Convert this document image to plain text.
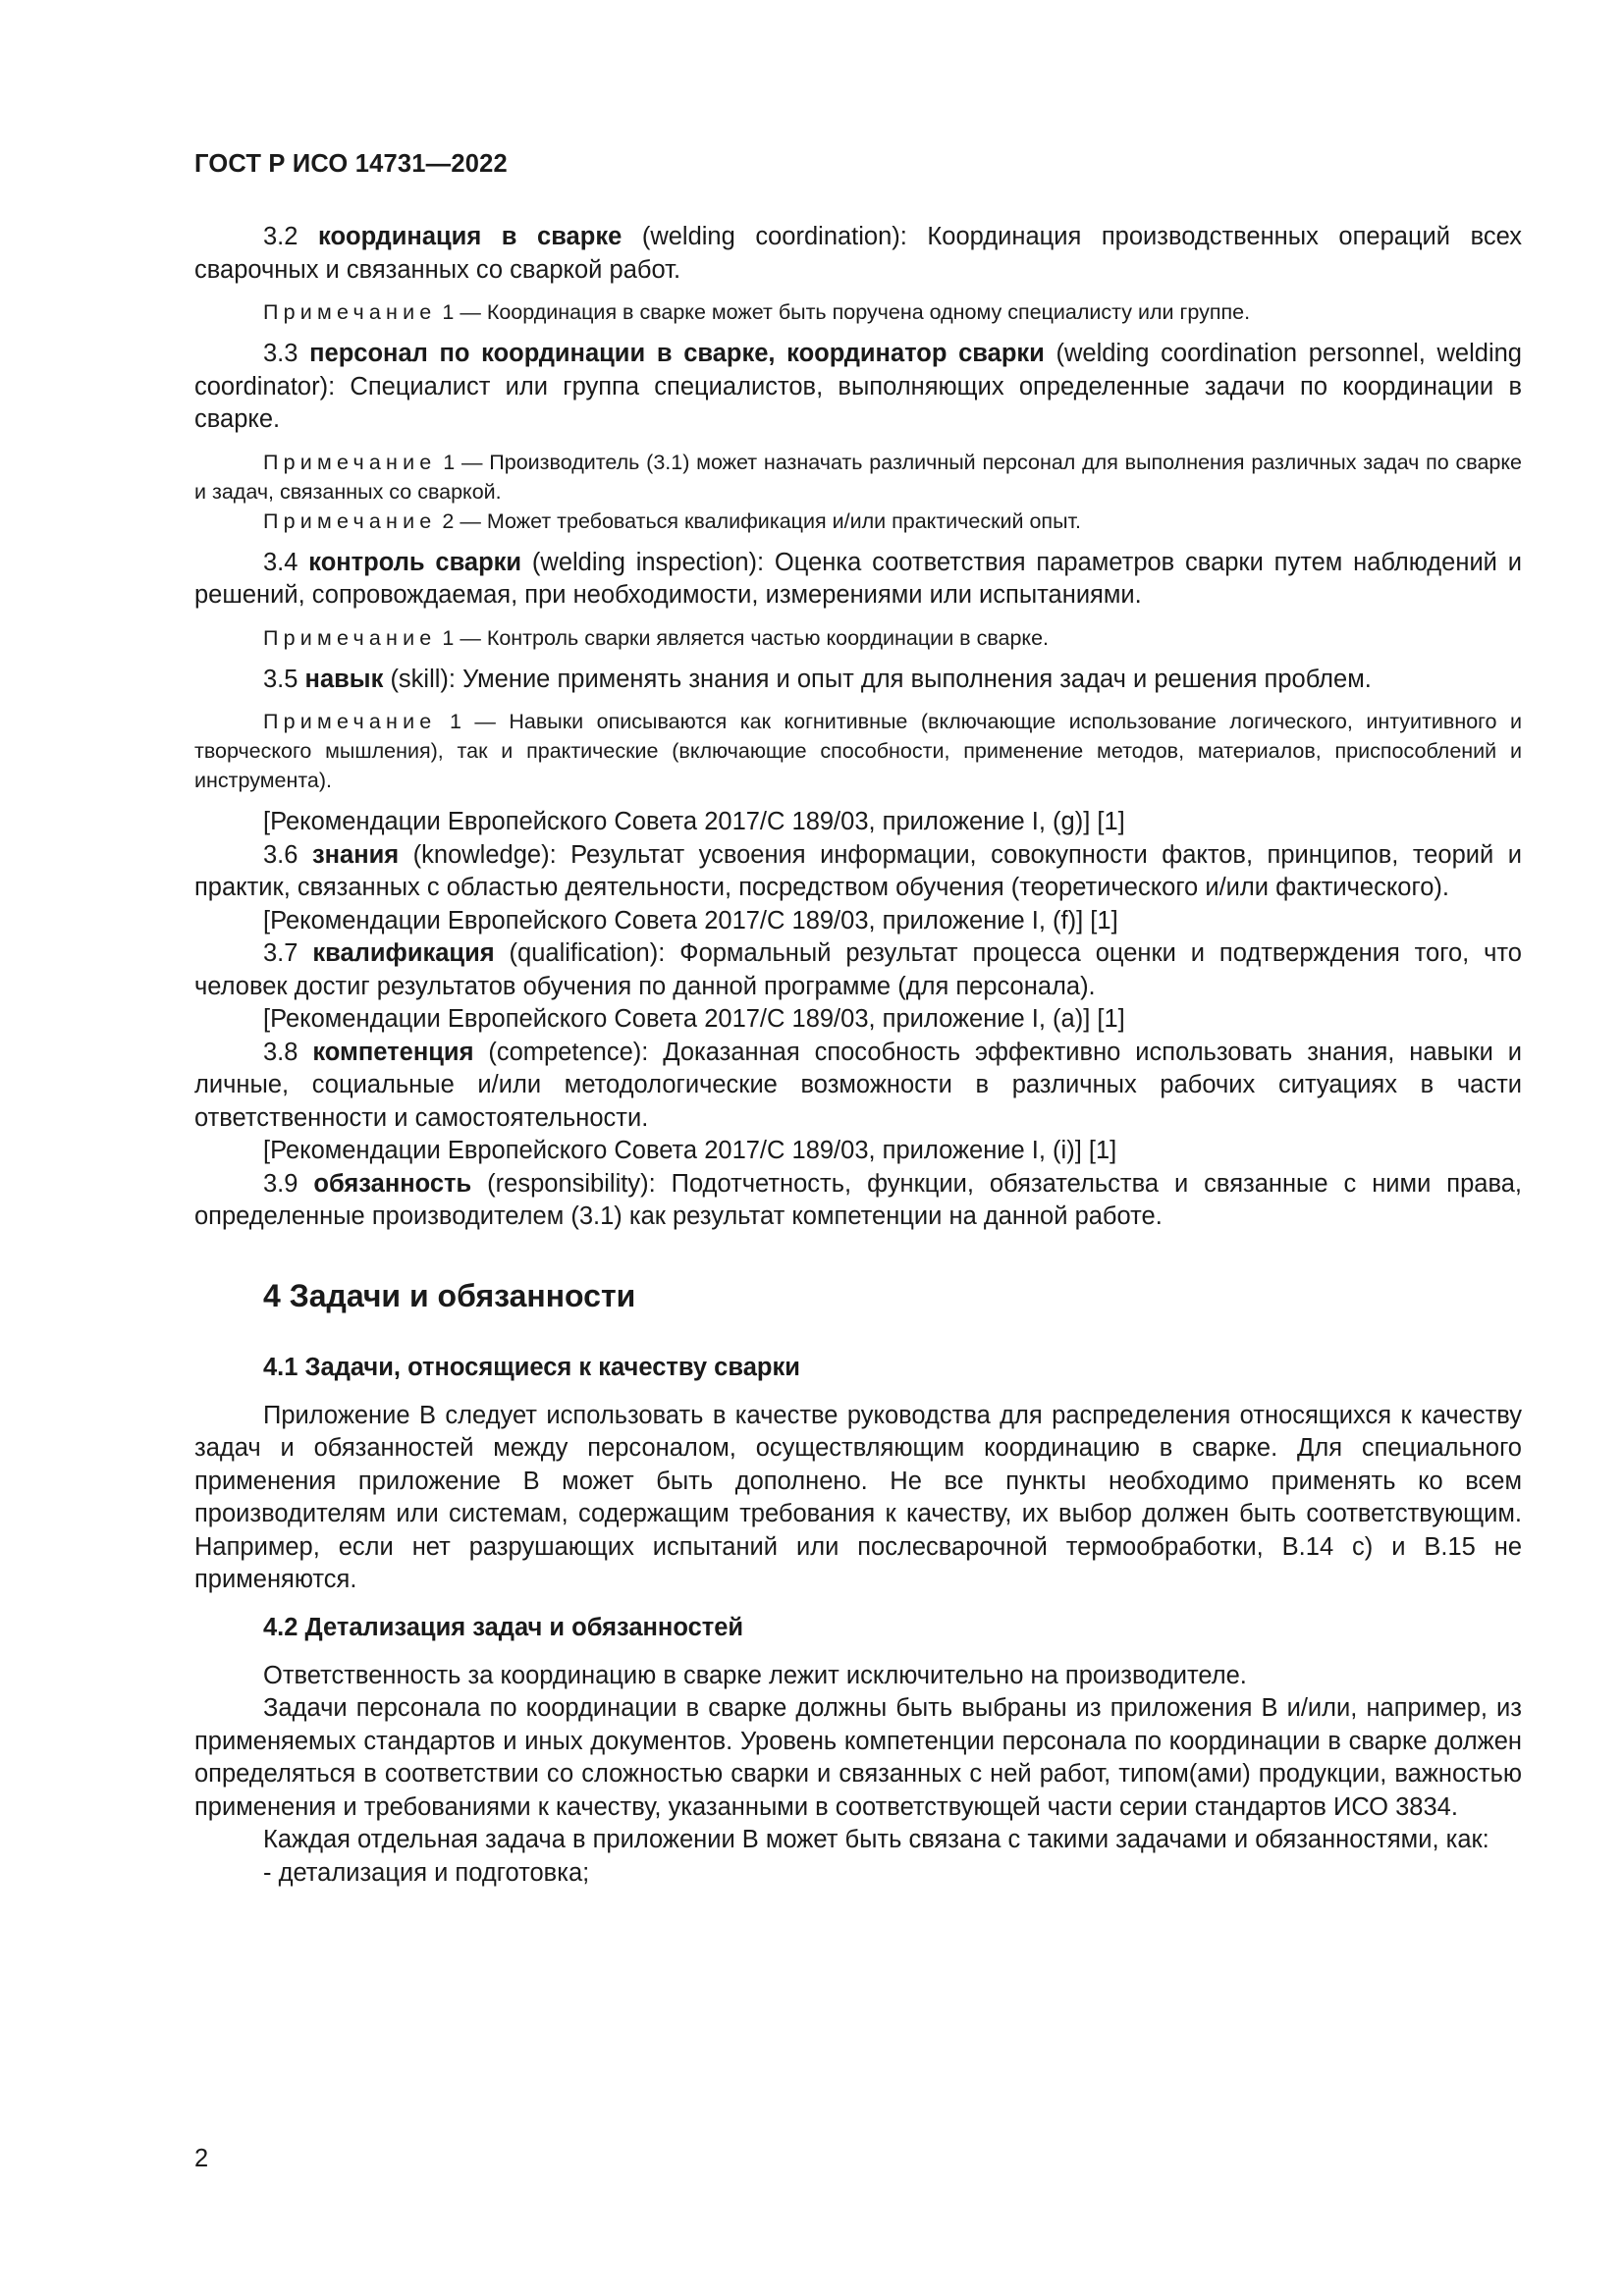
ГОСТ Р ИСО 14731—2022

3.2 координация в сварке (welding coordination): Координация производственных операций всех сварочных и связанных со сваркой работ.

Примечание 1 — Координация в сварке может быть поручена одному специалисту или группе.

3.3 персонал по координации в сварке, координатор сварки (welding coordination personnel, welding coordinator): Специалист или группа специалистов, выполняющих определенные задачи по координации в сварке.

Примечание 1 — Производитель (3.1) может назначать различный персонал для выполнения различных задач по сварке и задач, связанных со сваркой.

Примечание 2 — Может требоваться квалификация и/или практический опыт.

3.4 контроль сварки (welding inspection): Оценка соответствия параметров сварки путем наблюдений и решений, сопровождаемая, при необходимости, измерениями или испытаниями.

Примечание 1 — Контроль сварки является частью координации в сварке.

3.5 навык (skill): Умение применять знания и опыт для выполнения задач и решения проблем.

Примечание 1 — Навыки описываются как когнитивные (включающие использование логического, интуитивного и творческого мышления), так и практические (включающие способности, применение методов, материалов, приспособлений и инструмента).

[Рекомендации Европейского Совета 2017/С 189/03, приложение I, (g)] [1]

3.6 знания (knowledge): Результат усвоения информации, совокупности фактов, принципов, теорий и практик, связанных с областью деятельности, посредством обучения (теоретического и/или фактического).

[Рекомендации Европейского Совета 2017/С 189/03, приложение I, (f)] [1]

3.7 квалификация (qualification): Формальный результат процесса оценки и подтверждения того, что человек достиг результатов обучения по данной программе (для персонала).

[Рекомендации Европейского Совета 2017/С 189/03, приложение I, (a)] [1]

3.8 компетенция (competence): Доказанная способность эффективно использовать знания, навыки и личные, социальные и/или методологические возможности в различных рабочих ситуациях в части ответственности и самостоятельности.

[Рекомендации Европейского Совета 2017/С 189/03, приложение I, (i)] [1]

3.9 обязанность (responsibility): Подотчетность, функции, обязательства и связанные с ними права, определенные производителем (3.1) как результат компетенции на данной работе.

4 Задачи и обязанности

4.1 Задачи, относящиеся к качеству сварки

Приложение В следует использовать в качестве руководства для распределения относящихся к качеству задач и обязанностей между персоналом, осуществляющим координацию в сварке. Для специального применения приложение В может быть дополнено. Не все пункты необходимо применять ко всем производителям или системам, содержащим требования к качеству, их выбор должен быть соответствующим. Например, если нет разрушающих испытаний или послесварочной термообработки, В.14 с) и В.15 не применяются.

4.2 Детализация задач и обязанностей

Ответственность за координацию в сварке лежит исключительно на производителе.

Задачи персонала по координации в сварке должны быть выбраны из приложения В и/или, например, из применяемых стандартов и иных документов. Уровень компетенции персонала по координации в сварке должен определяться в соответствии со сложностью сварки и связанных с ней работ, типом(ами) продукции, важностью применения и требованиями к качеству, указанными в соответствующей части серии стандартов ИСО 3834.

Каждая отдельная задача в приложении В может быть связана с такими задачами и обязанностями, как:

- детализация и подготовка;

2
